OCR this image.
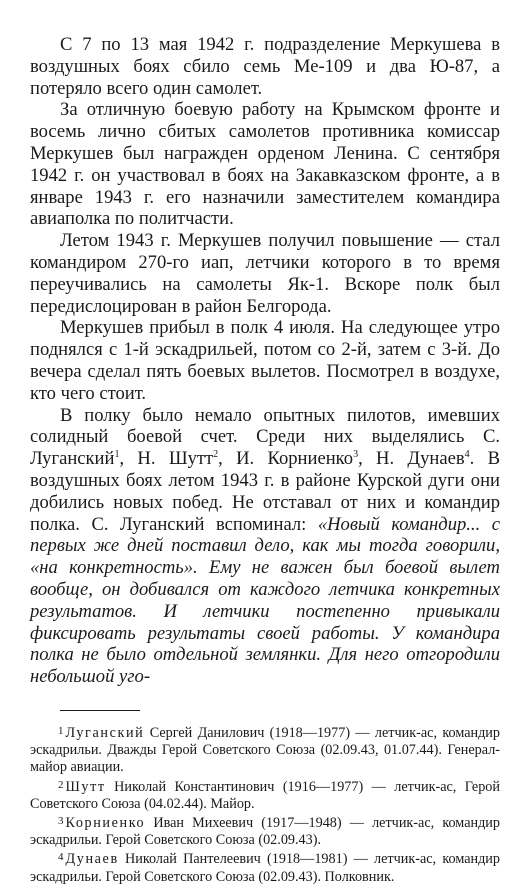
С 7 по 13 мая 1942 г. подразделение Меркушева в воздушных боях сбило семь Ме-109 и два Ю-87, а потеряло всего один самолет.

За отличную боевую работу на Крымском фронте и восемь лично сбитых самолетов противника комиссар Меркушев был награжден орденом Ленина. С сентября 1942 г. он участвовал в боях на Закавказском фронте, а в январе 1943 г. его назначили заместителем командира авиаполка по политчасти.

Летом 1943 г. Меркушев получил повышение — стал командиром 270-го иап, летчики которого в то время переучивались на самолеты Як-1. Вскоре полк был передислоцирован в район Белгорода.

Меркушев прибыл в полк 4 июля. На следующее утро поднялся с 1-й эскадрильей, потом со 2-й, затем с 3-й. До вечера сделал пять боевых вылетов. Посмотрел в воздухе, кто чего стоит.

В полку было немало опытных пилотов, имевших солидный боевой счет. Среди них выделялись С. Луганский$^1$, Н. Шутт$^2$, И. Корниенко$^3$, Н. Дунаев$^4$. В воздушных боях летом 1943 г. в районе Курской дуги они добились новых побед. Не отставал от них и командир полка. С. Луганский вспоминал: «Новый командир... с первых же дней поставил дело, как мы тогда говорили, «на конкретность». Ему не важен был боевой вылет вообще, он добивался от каждого летчика конкретных результатов. И летчики постепенно привыкали фиксировать результаты своей работы. У командира полка не было отдельной землянки. Для него отгородили небольшой уго-

$^1$ Луганский Сергей Данилович (1918—1977) — летчик-ас, командир эскадрильи. Дважды Герой Советского Союза (02.09.43, 01.07.44). Генерал-майор авиации.

$^2$ Шутт Николай Константинович (1916—1977) — летчик-ас, Герой Советского Союза (04.02.44). Майор.

$^3$ Корниенко Иван Михеевич (1917—1948) — летчик-ас, командир эскадрильи. Герой Советского Союза (02.09.43).

$^4$ Дунаев Николай Пантелеевич (1918—1981) — летчик-ас, командир эскадрильи. Герой Советского Союза (02.09.43). Полковник.
